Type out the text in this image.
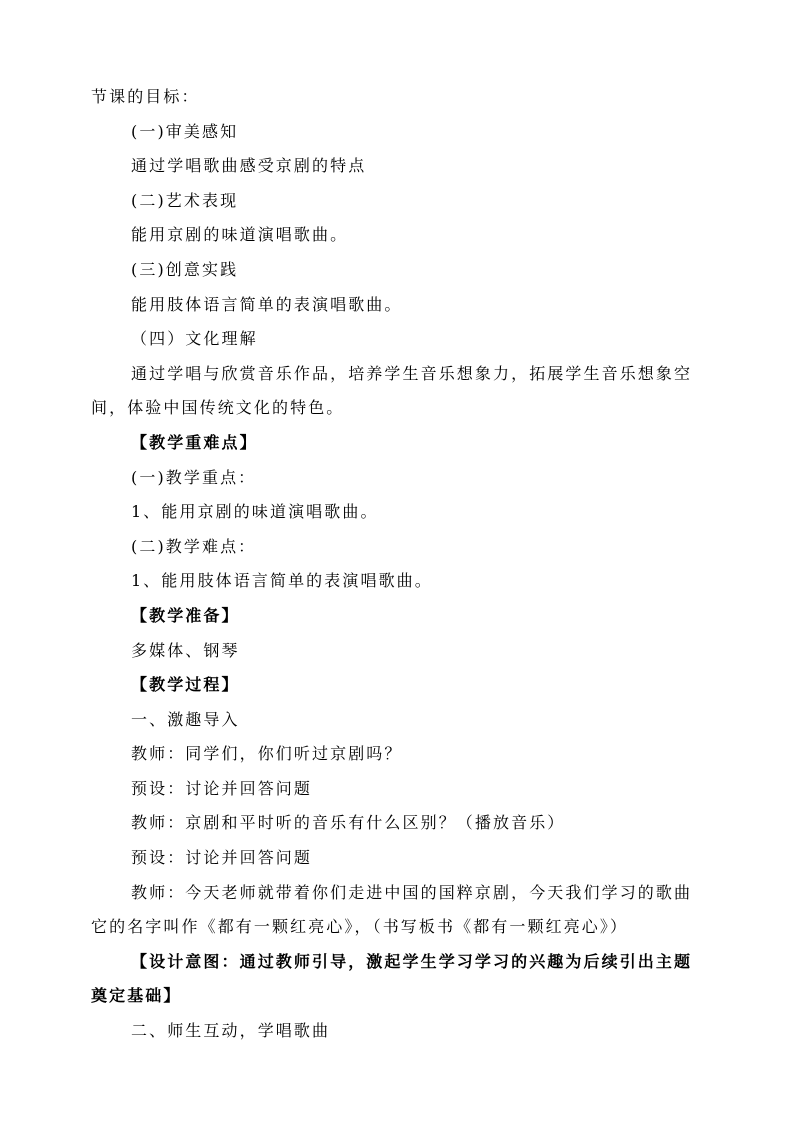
节课的目标：
(一)审美感知
通过学唱歌曲感受京剧的特点
(二)艺术表现
能用京剧的味道演唱歌曲。
(三)创意实践
能用肢体语言简单的表演唱歌曲。
（四）文化理解
通过学唱与欣赏音乐作品，培养学生音乐想象力，拓展学生音乐想象空
间，体验中国传统文化的特色。
【教学重难点】
(一)教学重点：
1、能用京剧的味道演唱歌曲。
(二)教学难点：
1、能用肢体语言简单的表演唱歌曲。
【教学准备】
多媒体、钢琴
【教学过程】
一、激趣导入
教师：同学们，你们听过京剧吗？
预设：讨论并回答问题
教师：京剧和平时听的音乐有什么区别？（播放音乐）
预设：讨论并回答问题
教师：今天老师就带着你们走进中国的国粹京剧，今天我们学习的歌曲
它的名字叫作《都有一颗红亮心》，（书写板书《都有一颗红亮心》）
【设计意图：通过教师引导，激起学生学习学习的兴趣为后续引出主题
奠定基础】
二、师生互动，学唱歌曲
